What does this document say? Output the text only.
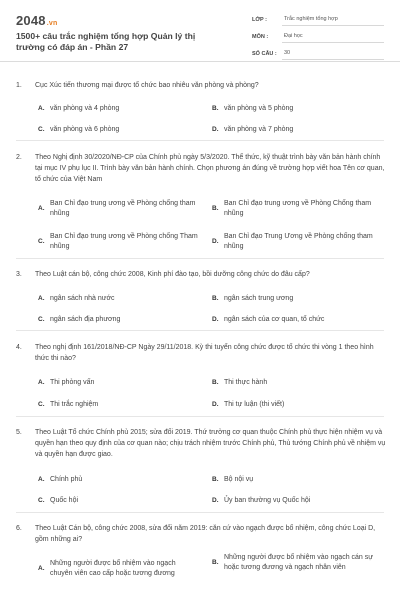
2048.vn
1500+ câu trắc nghiệm tổng hợp Quản lý thị trường có đáp án - Phần 27
LỚP :	Trắc nghiệm tổng hợp
MÔN :	Đại học
SỐ CÂU :	30
1.	Cục Xúc tiến thương mại được tổ chức bao nhiêu văn phòng và phòng?
A. văn phòng và 4 phòng	B. văn phòng và 5 phòng
C. văn phòng và 6 phòng	D. văn phòng và 7 phòng
2.	Theo Nghị định 30/2020/NĐ-CP của Chính phủ ngày 5/3/2020. Thể thức, kỹ thuật trình bày văn bản hành chính tại mục IV phụ lục II. Trình bày văn bản hành chính. Chọn phương án đúng về trường hợp viết hoa Tên cơ quan, tổ chức của Việt Nam
A.
Ban Chỉ đạo trung ương về Phòng chống tham nhũng
B.
Ban Chỉ đạo trung ương về Phòng Chống tham nhũng
C.
Ban Chỉ đạo trung ương về Phòng chống Tham nhũng
D.
Ban Chỉ đạo Trung Ương về Phòng chống tham nhũng
3.	Theo Luật cán bộ, công chức 2008, Kinh phí đào tạo, bồi dưỡng công chức do đâu cấp?
A. ngân sách nhà nước	B. ngân sách trung ương
C. ngân sách địa phương	D. ngân sách của cơ quan, tổ chức
4.	Theo nghị định 161/2018/NĐ-CP Ngày 29/11/2018. Kỳ thi tuyển công chức được tổ chức thi vòng 1 theo hình thức thi nào?
A. Thi phỏng vấn	B. Thi thực hành
C. Thi trắc nghiệm	D. Thi tự luận (thi viết)
5.	Theo Luật Tổ chức Chính phủ 2015; sửa đổi 2019. Thứ trưởng cơ quan thuộc Chính phủ thực hiện nhiệm vụ và quyền hạn theo quy định của cơ quan nào; chịu trách nhiệm trước Chính phủ, Thủ tướng Chính phủ về nhiệm vụ và quyền hạn được giao.
A. Chính phủ	B. Bộ nội vụ
C. Quốc hội	D. Ủy ban thường vụ Quốc hội
6.	Theo Luật Cán bộ, công chức 2008, sửa đổi năm 2019: căn cứ vào ngạch được bổ nhiệm, công chức Loại D, gồm những ai?
A.
Những người được bổ nhiệm vào ngạch chuyên viên cao cấp hoặc tương đương
B.
Những người được bổ nhiệm vào ngạch cán sự hoặc tương đương và ngạch nhân viên
